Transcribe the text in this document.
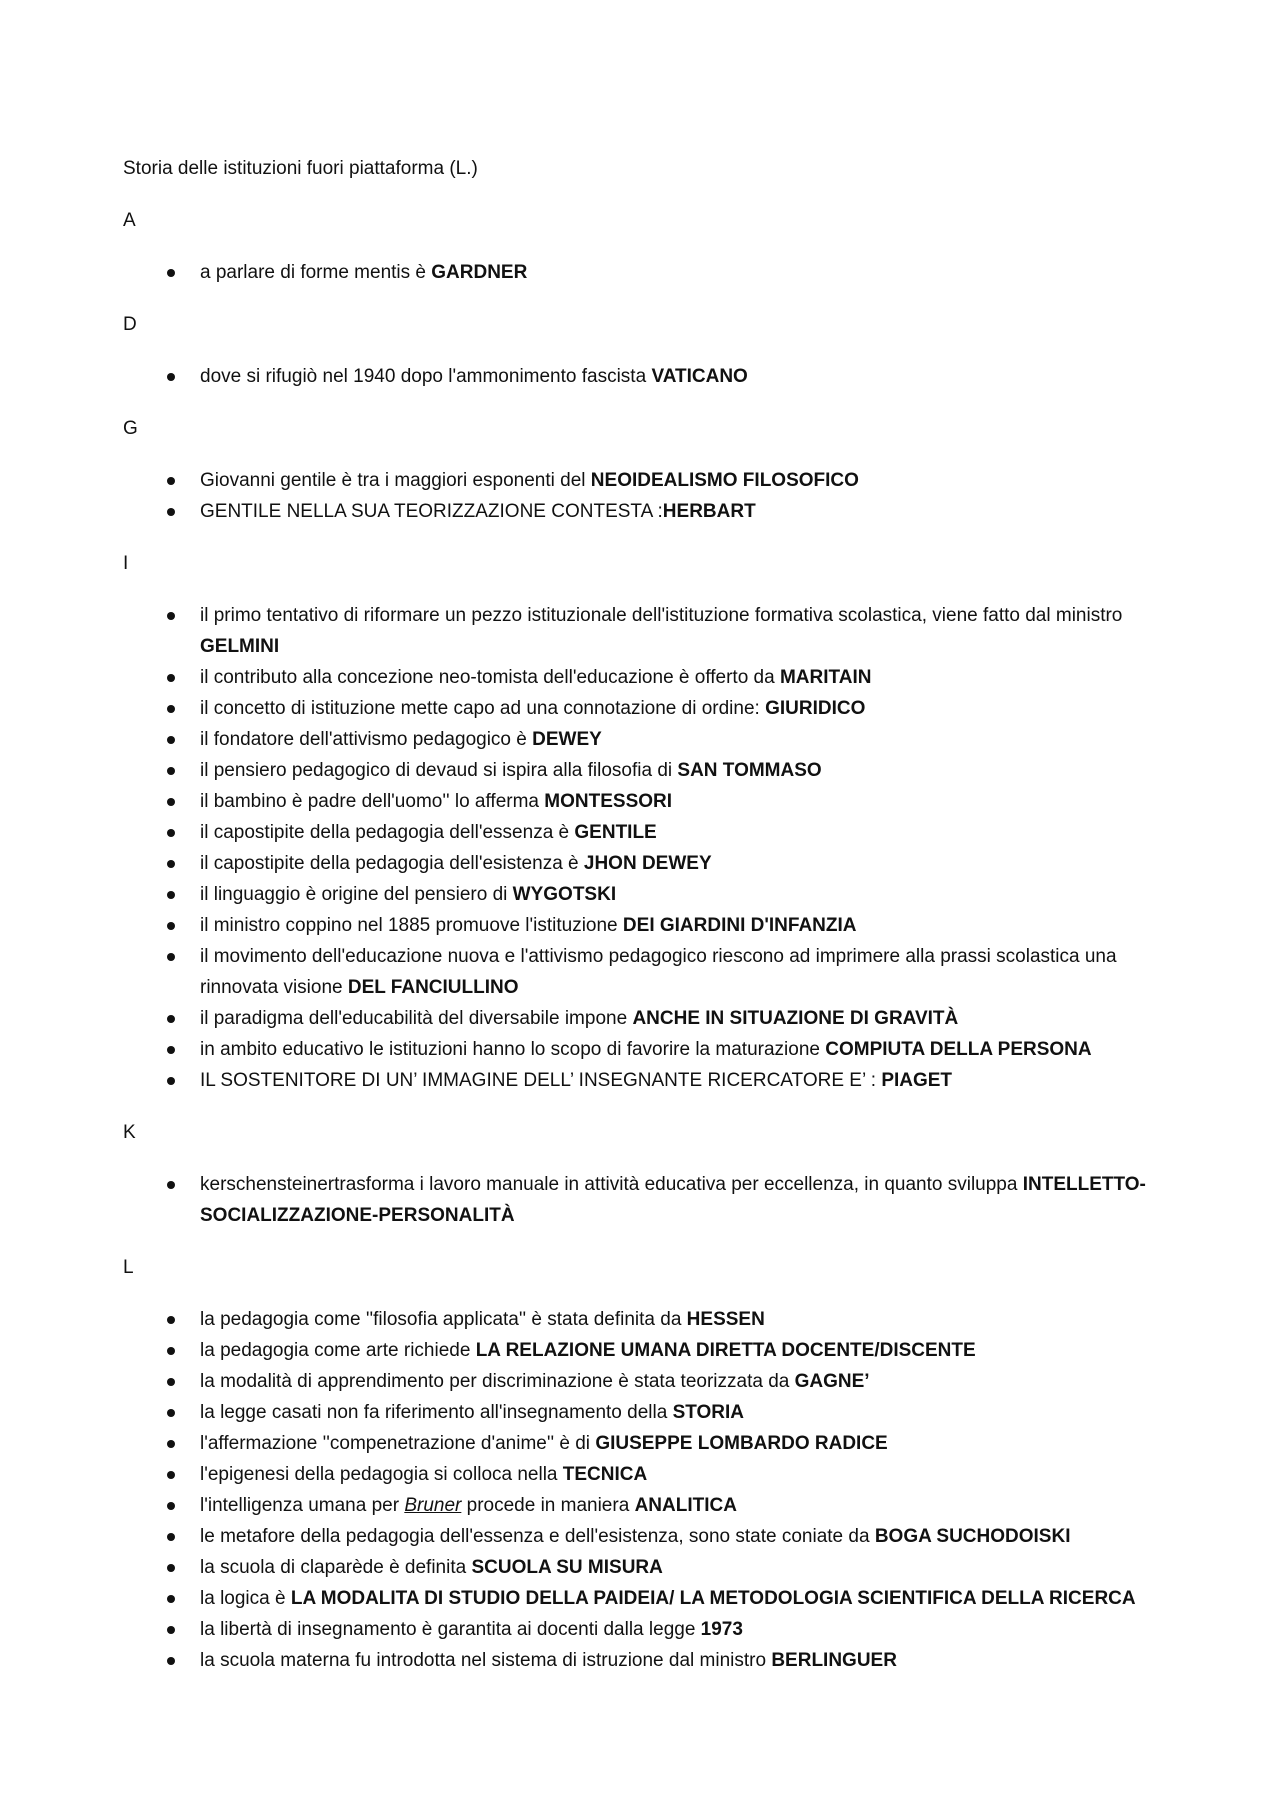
Storia delle istituzioni fuori piattaforma (L.)

A

a parlare di forme mentis è GARDNER

D

dove si rifugiò nel 1940 dopo l'ammonimento fascista VATICANO

G

Giovanni gentile è tra i maggiori esponenti del NEOIDEALISMO FILOSOFICO
GENTILE NELLA SUA TEORIZZAZIONE CONTESTA :HERBART

I

il primo tentativo di riformare un pezzo istituzionale dell'istituzione formativa scolastica, viene fatto dal ministro GELMINI
il contributo alla concezione neo-tomista dell'educazione è offerto da MARITAIN
il concetto di istituzione mette capo ad una connotazione di ordine: GIURIDICO
il fondatore dell'attivismo pedagogico è DEWEY
il pensiero pedagogico di devaud si ispira alla filosofia di SAN TOMMASO
il bambino è padre dell'uomo'' lo afferma MONTESSORI
il capostipite della pedagogia dell'essenza è GENTILE
il capostipite della pedagogia dell'esistenza è JHON DEWEY
il linguaggio è origine del pensiero di WYGOTSKI
il ministro coppino nel 1885 promuove l'istituzione DEI GIARDINI D'INFANZIA
il movimento dell'educazione nuova e l'attivismo pedagogico riescono ad imprimere alla prassi scolastica una rinnovata visione DEL FANCIULLINO
il paradigma dell'educabilità del diversabile impone ANCHE IN SITUAZIONE DI GRAVITÀ
in ambito educativo le istituzioni hanno lo scopo di favorire la maturazione COMPIUTA DELLA PERSONA
IL SOSTENITORE DI UN’ IMMAGINE DELL’ INSEGNANTE RICERCATORE E’ : PIAGET

K

kerschensteinertrasforma i lavoro manuale in attività educativa per eccellenza, in quanto sviluppa INTELLETTO-SOCIALIZZAZIONE-PERSONALITÀ

L

la pedagogia come ''filosofia applicata'' è stata definita da HESSEN
la pedagogia come arte richiede LA RELAZIONE UMANA DIRETTA DOCENTE/DISCENTE
la modalità di apprendimento per discriminazione è stata teorizzata da GAGNE’
la legge casati non fa riferimento all'insegnamento della STORIA
l'affermazione ''compenetrazione d'anime'' è di GIUSEPPE LOMBARDO RADICE
l'epigenesi della pedagogia si colloca nella TECNICA
l'intelligenza umana per Bruner procede in maniera ANALITICA
le metafore della pedagogia dell'essenza e dell'esistenza, sono state coniate da BOGA SUCHODOISKI
la scuola di claparède è definita SCUOLA SU MISURA
la logica è LA MODALITA DI STUDIO DELLA PAIDEIA/ LA METODOLOGIA SCIENTIFICA DELLA RICERCA
la libertà di insegnamento è garantita ai docenti dalla legge 1973
la scuola materna fu introdotta nel sistema di istruzione dal ministro BERLINGUER
